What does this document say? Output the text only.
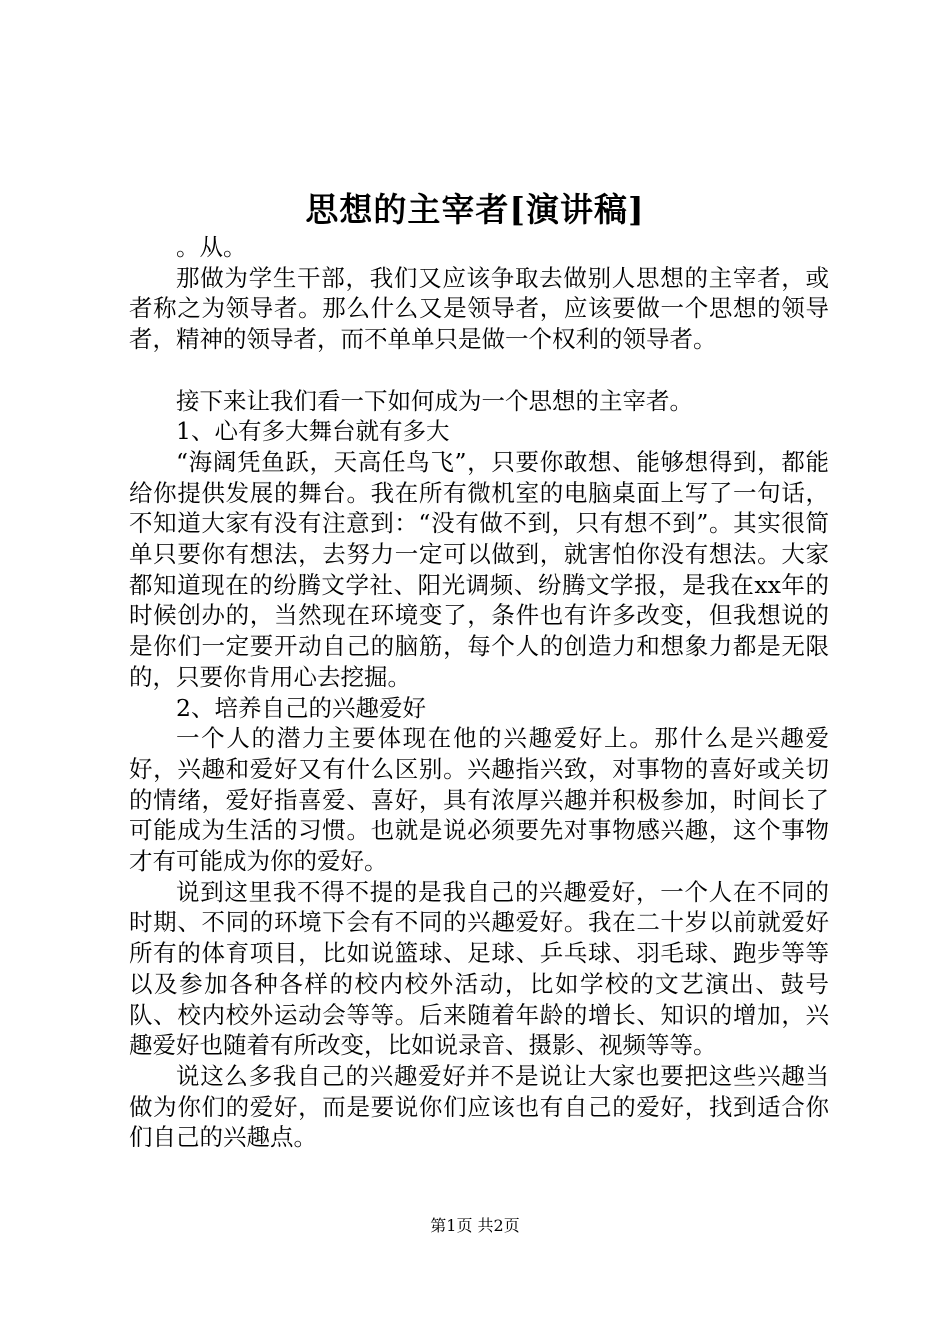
思想的主宰者[演讲稿]

。从。

那做为学生干部，我们又应该争取去做别人思想的主宰者，或者称之为领导者。那么什么又是领导者，应该要做一个思想的领导者，精神的领导者，而不单单只是做一个权利的领导者。

接下来让我们看一下如何成为一个思想的主宰者。

1、心有多大舞台就有多大

“海阔凭鱼跃，天高任鸟飞”，只要你敢想、能够想得到，都能给你提供发展的舞台。我在所有微机室的电脑桌面上写了一句话，不知道大家有没有注意到：“没有做不到，只有想不到”。其实很简单只要你有想法，去努力一定可以做到，就害怕你没有想法。大家都知道现在的纷腾文学社、阳光调频、纷腾文学报，是我在xx年的时候创办的，当然现在环境变了，条件也有许多改变，但我想说的是你们一定要开动自己的脑筋，每个人的创造力和想象力都是无限的，只要你肯用心去挖掘。

2、培养自己的兴趣爱好

一个人的潜力主要体现在他的兴趣爱好上。那什么是兴趣爱好，兴趣和爱好又有什么区别。兴趣指兴致，对事物的喜好或关切的情绪，爱好指喜爱、喜好，具有浓厚兴趣并积极参加，时间长了可能成为生活的习惯。也就是说必须要先对事物感兴趣，这个事物才有可能成为你的爱好。

说到这里我不得不提的是我自己的兴趣爱好，一个人在不同的时期、不同的环境下会有不同的兴趣爱好。我在二十岁以前就爱好所有的体育项目，比如说篮球、足球、乒乓球、羽毛球、跑步等等以及参加各种各样的校内校外活动，比如学校的文艺演出、鼓号队、校内校外运动会等等。后来随着年龄的增长、知识的增加，兴趣爱好也随着有所改变，比如说录音、摄影、视频等等。

说这么多我自己的兴趣爱好并不是说让大家也要把这些兴趣当做为你们的爱好，而是要说你们应该也有自己的爱好，找到适合你们自己的兴趣点。

第1页 共2页
